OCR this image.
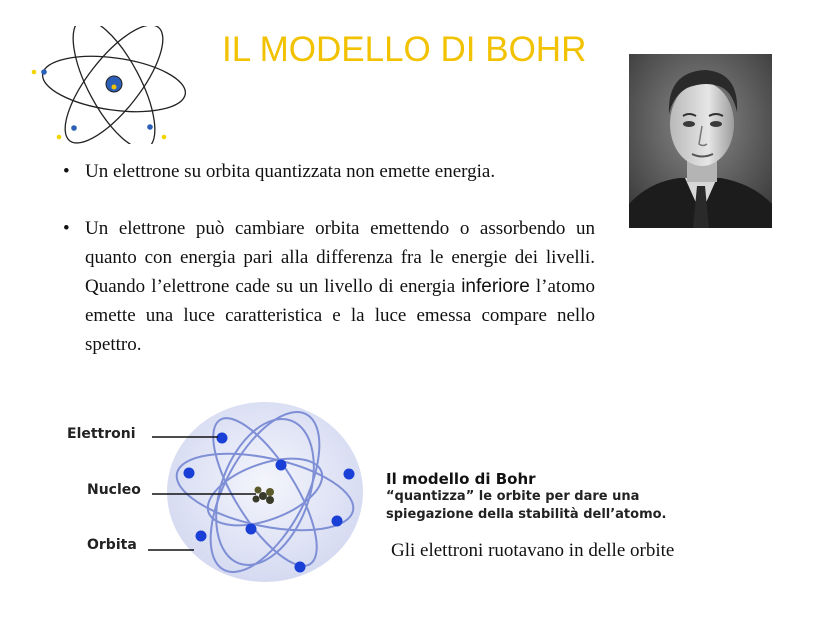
IL MODELLO DI BOHR
• Un elettrone su orbita quantizzata non emette energia.
• Un elettrone può cambiare orbita emettendo o assorbendo un quanto con energia pari alla differenza fra le energie dei livelli. Quando l’elettrone cade su un livello di energia inferiore l’atomo emette una luce caratteristica e la luce emessa compare nello spettro.
Elettroni
Nucleo
Orbita
Il modello di Bohr
“quantizza” le orbite per dare una spiegazione della stabilità dell’atomo.
Gli elettroni ruotavano in delle orbite
